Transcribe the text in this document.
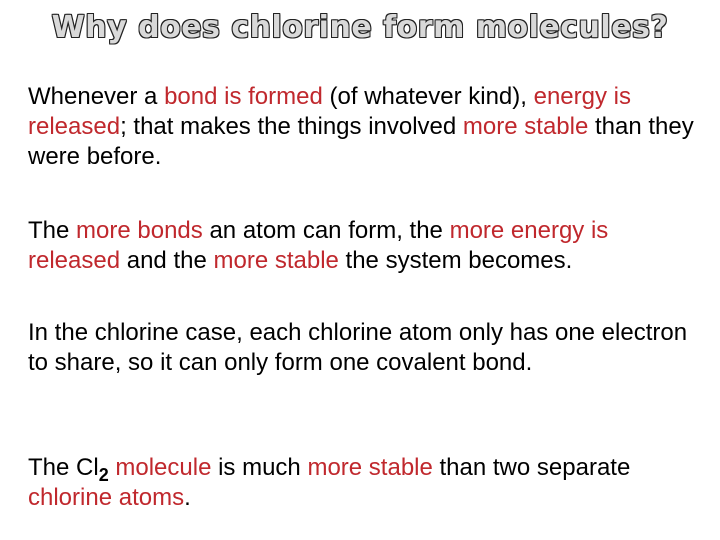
Why does chlorine form molecules?

Whenever a bond is formed (of whatever kind), energy is released; that makes the things involved more stable than they were before.

The more bonds an atom can form, the more energy is released and the more stable the system becomes.

In the chlorine case, each chlorine atom only has one electron to share, so it can only form one covalent bond.

The $Cl_2$ molecule is much more stable than two separate chlorine atoms.
